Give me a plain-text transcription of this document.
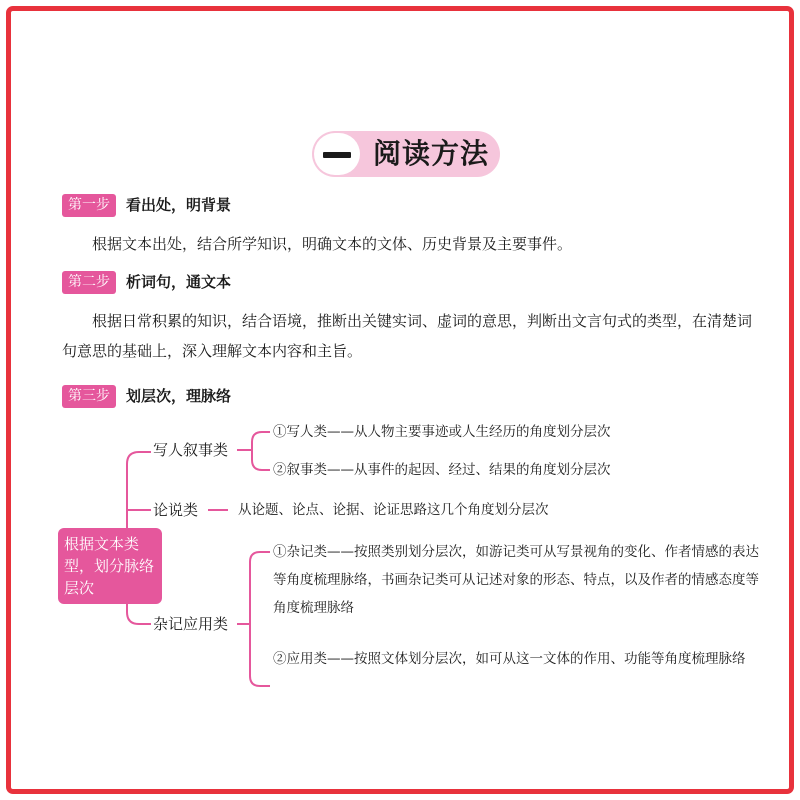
阅读方法
第一步	看出处，明背景
根据文本出处，结合所学知识，明确文本的文体、历史背景及主要事件。
第二步	析词句，通文本
根据日常积累的知识，结合语境，推断出关键实词、虚词的意思，判断出文言句式的类型，在清楚词句意思的基础上，深入理解文本内容和主旨。
第三步	划层次，理脉络
根据文本类型，划分脉络层次
写人叙事类
论说类
杂记应用类
①写人类——从人物主要事迹或人生经历的角度划分层次
②叙事类——从事件的起因、经过、结果的角度划分层次
从论题、论点、论据、论证思路这几个角度划分层次
①杂记类——按照类别划分层次，如游记类可从写景视角的变化、作者情感的表达等角度梳理脉络，书画杂记类可从记述对象的形态、特点，以及作者的情感态度等角度梳理脉络
②应用类——按照文体划分层次，如可从这一文体的作用、功能等角度梳理脉络
